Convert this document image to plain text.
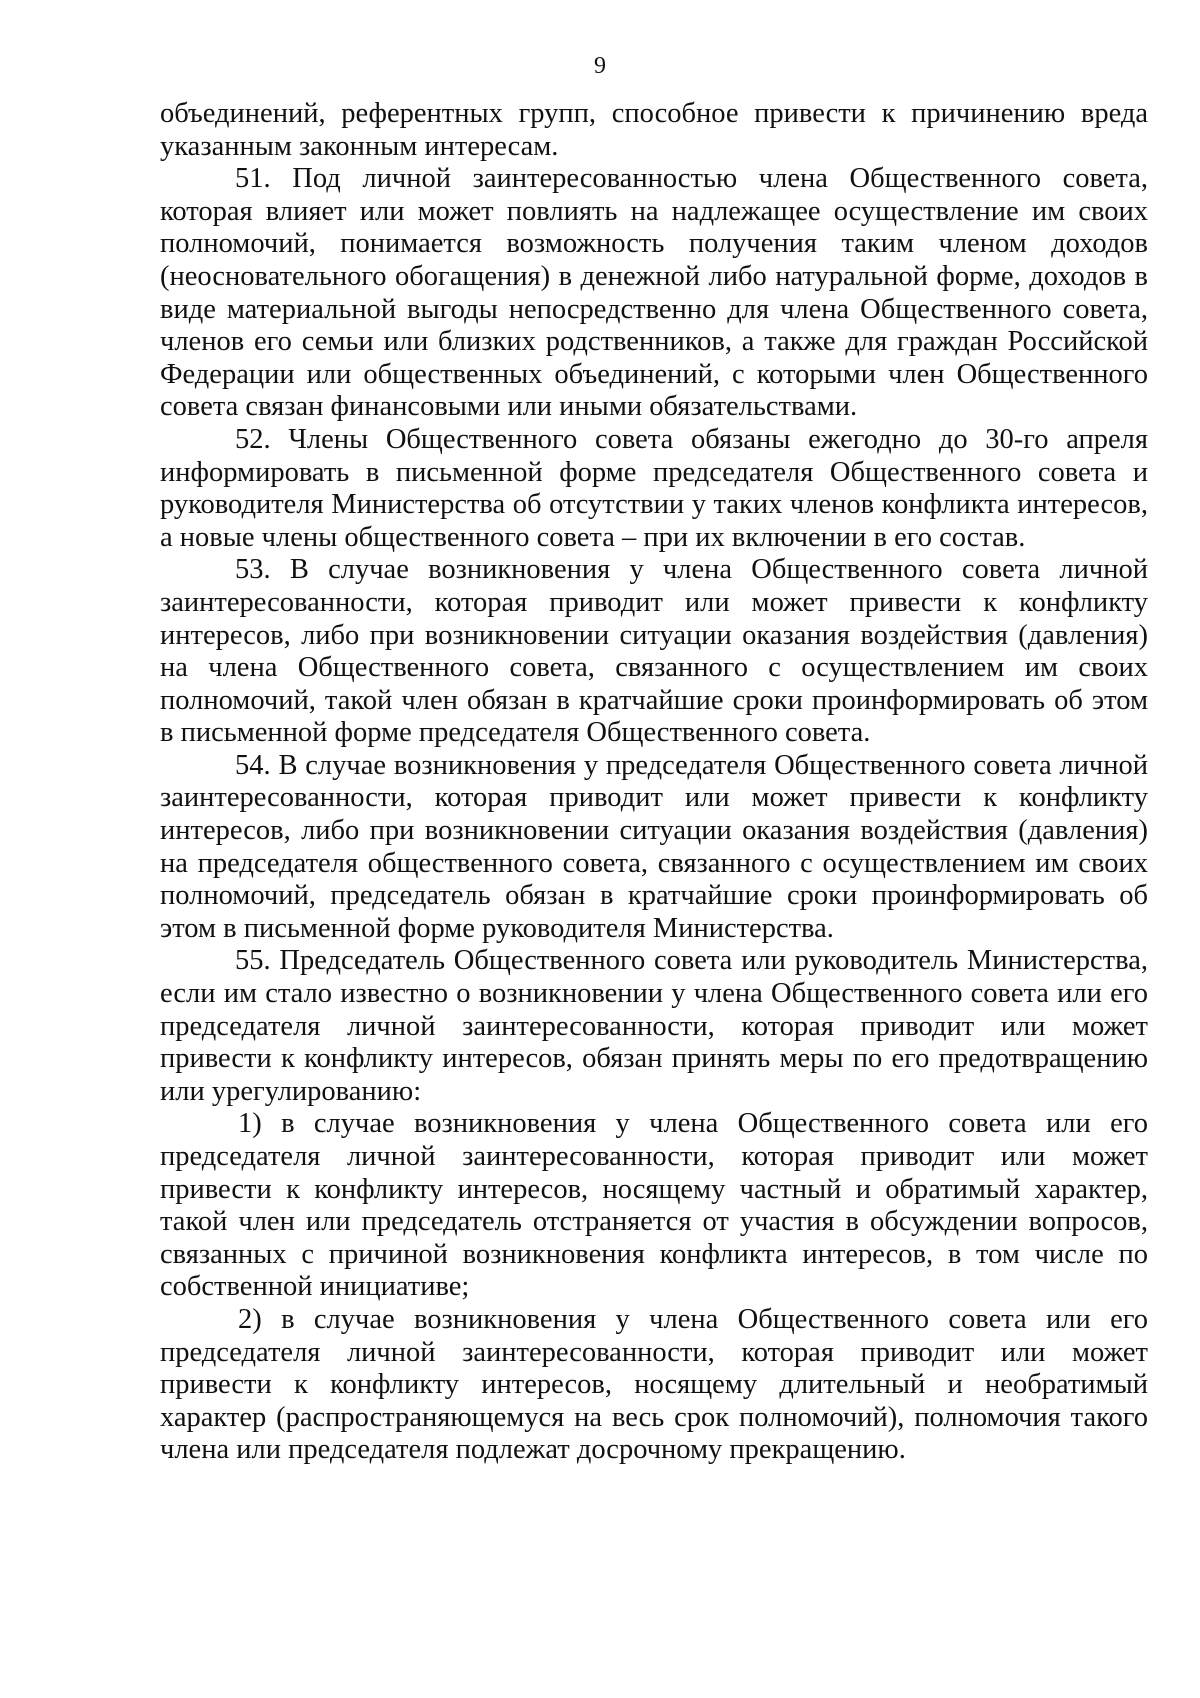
9

объединений, референтных групп, способное привести к причинению вреда указанным законным интересам.

51. Под личной заинтересованностью члена Общественного совета, которая влияет или может повлиять на надлежащее осуществление им своих полномочий, понимается возможность получения таким членом доходов (неосновательного обогащения) в денежной либо натуральной форме, доходов в виде материальной выгоды непосредственно для члена Общественного совета, членов его семьи или близких родственников, а также для граждан Российской Федерации или общественных объединений, с которыми член Общественного совета связан финансовыми или иными обязательствами.

52. Члены Общественного совета обязаны ежегодно до 30-го апреля информировать в письменной форме председателя Общественного совета и руководителя Министерства об отсутствии у таких членов конфликта интересов, а новые члены общественного совета – при их включении в его состав.

53. В случае возникновения у члена Общественного совета личной заинтересованности, которая приводит или может привести к конфликту интересов, либо при возникновении ситуации оказания воздействия (давления) на члена Общественного совета, связанного с осуществлением им своих полномочий, такой член обязан в кратчайшие сроки проинформировать об этом в письменной форме председателя Общественного совета.

54. В случае возникновения у председателя Общественного совета личной заинтересованности, которая приводит или может привести к конфликту интересов, либо при возникновении ситуации оказания воздействия (давления) на председателя общественного совета, связанного с осуществлением им своих полномочий, председатель обязан в кратчайшие сроки проинформировать об этом в письменной форме руководителя Министерства.

55. Председатель Общественного совета или руководитель Министерства, если им стало известно о возникновении у члена Общественного совета или его председателя личной заинтересованности, которая приводит или может привести к конфликту интересов, обязан принять меры по его предотвращению или урегулированию:

1) в случае возникновения у члена Общественного совета или его председателя личной заинтересованности, которая приводит или может привести к конфликту интересов, носящему частный и обратимый характер, такой член или председатель отстраняется от участия в обсуждении вопросов, связанных с причиной возникновения конфликта интересов, в том числе по собственной инициативе;

2) в случае возникновения у члена Общественного совета или его председателя личной заинтересованности, которая приводит или может привести к конфликту интересов, носящему длительный и необратимый характер (распространяющемуся на весь срок полномочий), полномочия такого члена или председателя подлежат досрочному прекращению.
